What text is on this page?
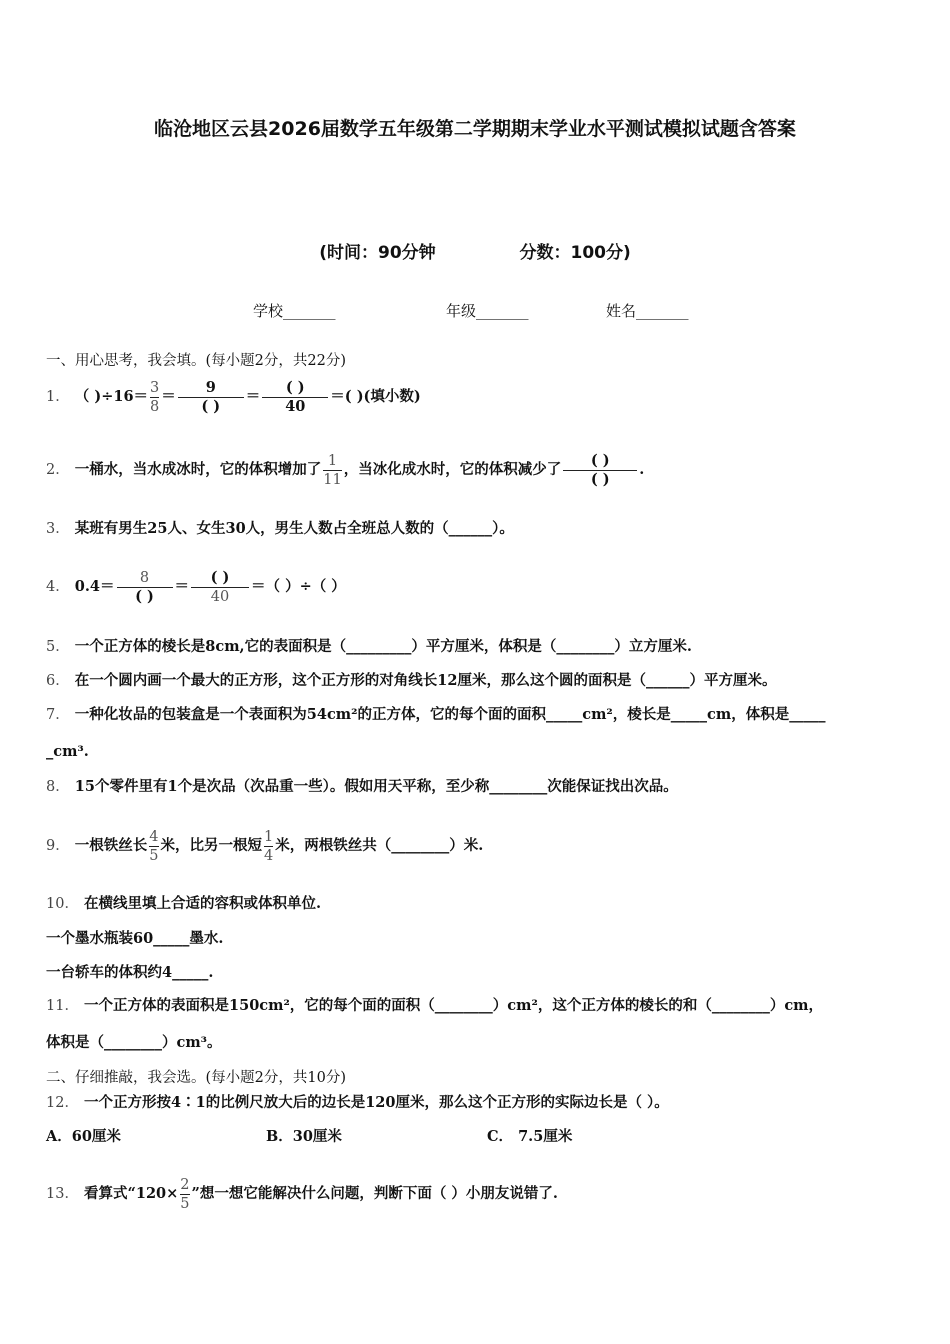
临沧地区云县2026届数学五年级第二学期期末学业水平测试模拟试题含答案
(时间：90分钟	分数：100分)
学校_______	年级_______	姓名_______
一、用心思考，我会填。(每小题2分，共22分)
1． （ )$\div 16= \frac{3}{8} = \frac{9}{( )} = \frac{( )}{40}$ ＝( )(填小数)
2． 一桶水，当水成冰时，它的体积增加了 $\frac{1}{11}$ ，当冰化成水时，它的体积减少了 $\frac{( )}{( )}$ .
3． 某班有男生25人、女生30人，男生人数占全班总人数的（______）。
4． $0.4= \frac{8}{( )} = \frac{( )}{40}$ ＝（ ）÷（ ）
5． 一个正方体的棱长是8cm,它的表面积是（_________）平方厘米，体积是（________）立方厘米.
6． 在一个圆内画一个最大的正方形，这个正方形的对角线长12厘米，那么这个圆的面积是（______）平方厘米。
7． 一种化妆品的包装盒是一个表面积为54cm²的正方体，它的每个面的面积_____cm²，棱长是_____cm，体积是_____
_cm³.
8． 15个零件里有1个是次品（次品重一些）。假如用天平称，至少称________次能保证找出次品。
9． 一根铁丝长 $\frac{4}{5}$ 米，比另一根短 $\frac{1}{4}$ 米，两根铁丝共（________）米.
10． 在横线里填上合适的容积或体积单位.
一个墨水瓶装60_____墨水.
一台轿车的体积约4_____.
11． 一个正方体的表面积是150cm²，它的每个面的面积（________）cm²，这个正方体的棱长的和（________）cm，
体积是（________）cm³。
二、仔细推敲，我会选。(每小题2分，共10分)
12． 一个正方形按4∶1的比例尺放大后的边长是120厘米，那么这个正方形的实际边长是（ ）。
A．60厘米	B．30厘米	C． 7.5厘米
13． 看算式“$120\times \frac{2}{5}$ ”想一想它能解决什么问题，判断下面（ ）小朋友说错了.
